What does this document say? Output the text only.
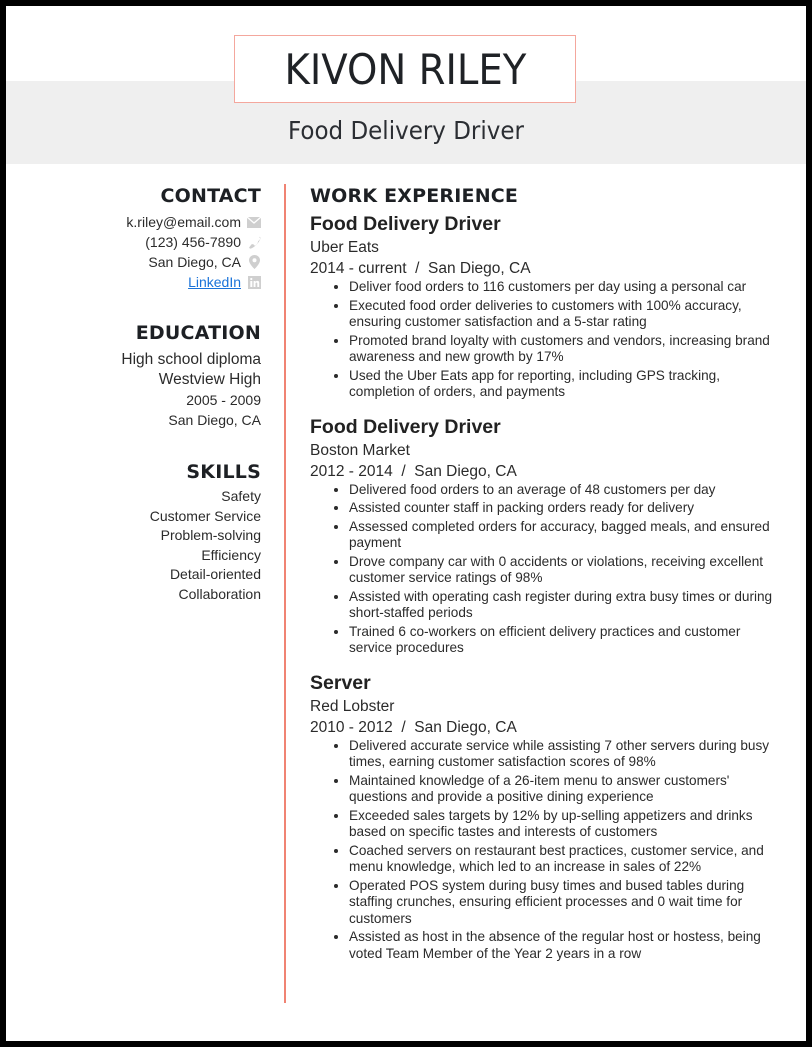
KIVON RILEY
Food Delivery Driver
CONTACT
k.riley@email.com
(123) 456-7890
San Diego, CA
LinkedIn
EDUCATION
High school diploma
Westview High
2005 - 2009
San Diego, CA
SKILLS
Safety
Customer Service
Problem-solving
Efficiency
Detail-oriented
Collaboration
WORK EXPERIENCE
Food Delivery Driver
Uber Eats
2014 - current  /  San Diego, CA
• Deliver food orders to 116 customers per day using a personal car
• Executed food order deliveries to customers with 100% accuracy, ensuring customer satisfaction and a 5-star rating
• Promoted brand loyalty with customers and vendors, increasing brand awareness and new growth by 17%
• Used the Uber Eats app for reporting, including GPS tracking, completion of orders, and payments
Food Delivery Driver
Boston Market
2012 - 2014  /  San Diego, CA
• Delivered food orders to an average of 48 customers per day
• Assisted counter staff in packing orders ready for delivery
• Assessed completed orders for accuracy, bagged meals, and ensured payment
• Drove company car with 0 accidents or violations, receiving excellent customer service ratings of 98%
• Assisted with operating cash register during extra busy times or during short-staffed periods
• Trained 6 co-workers on efficient delivery practices and customer service procedures
Server
Red Lobster
2010 - 2012  /  San Diego, CA
• Delivered accurate service while assisting 7 other servers during busy times, earning customer satisfaction scores of 98%
• Maintained knowledge of a 26-item menu to answer customers' questions and provide a positive dining experience
• Exceeded sales targets by 12% by up-selling appetizers and drinks based on specific tastes and interests of customers
• Coached servers on restaurant best practices, customer service, and menu knowledge, which led to an increase in sales of 22%
• Operated POS system during busy times and bused tables during staffing crunches, ensuring efficient processes and 0 wait time for customers
• Assisted as host in the absence of the regular host or hostess, being voted Team Member of the Year 2 years in a row
